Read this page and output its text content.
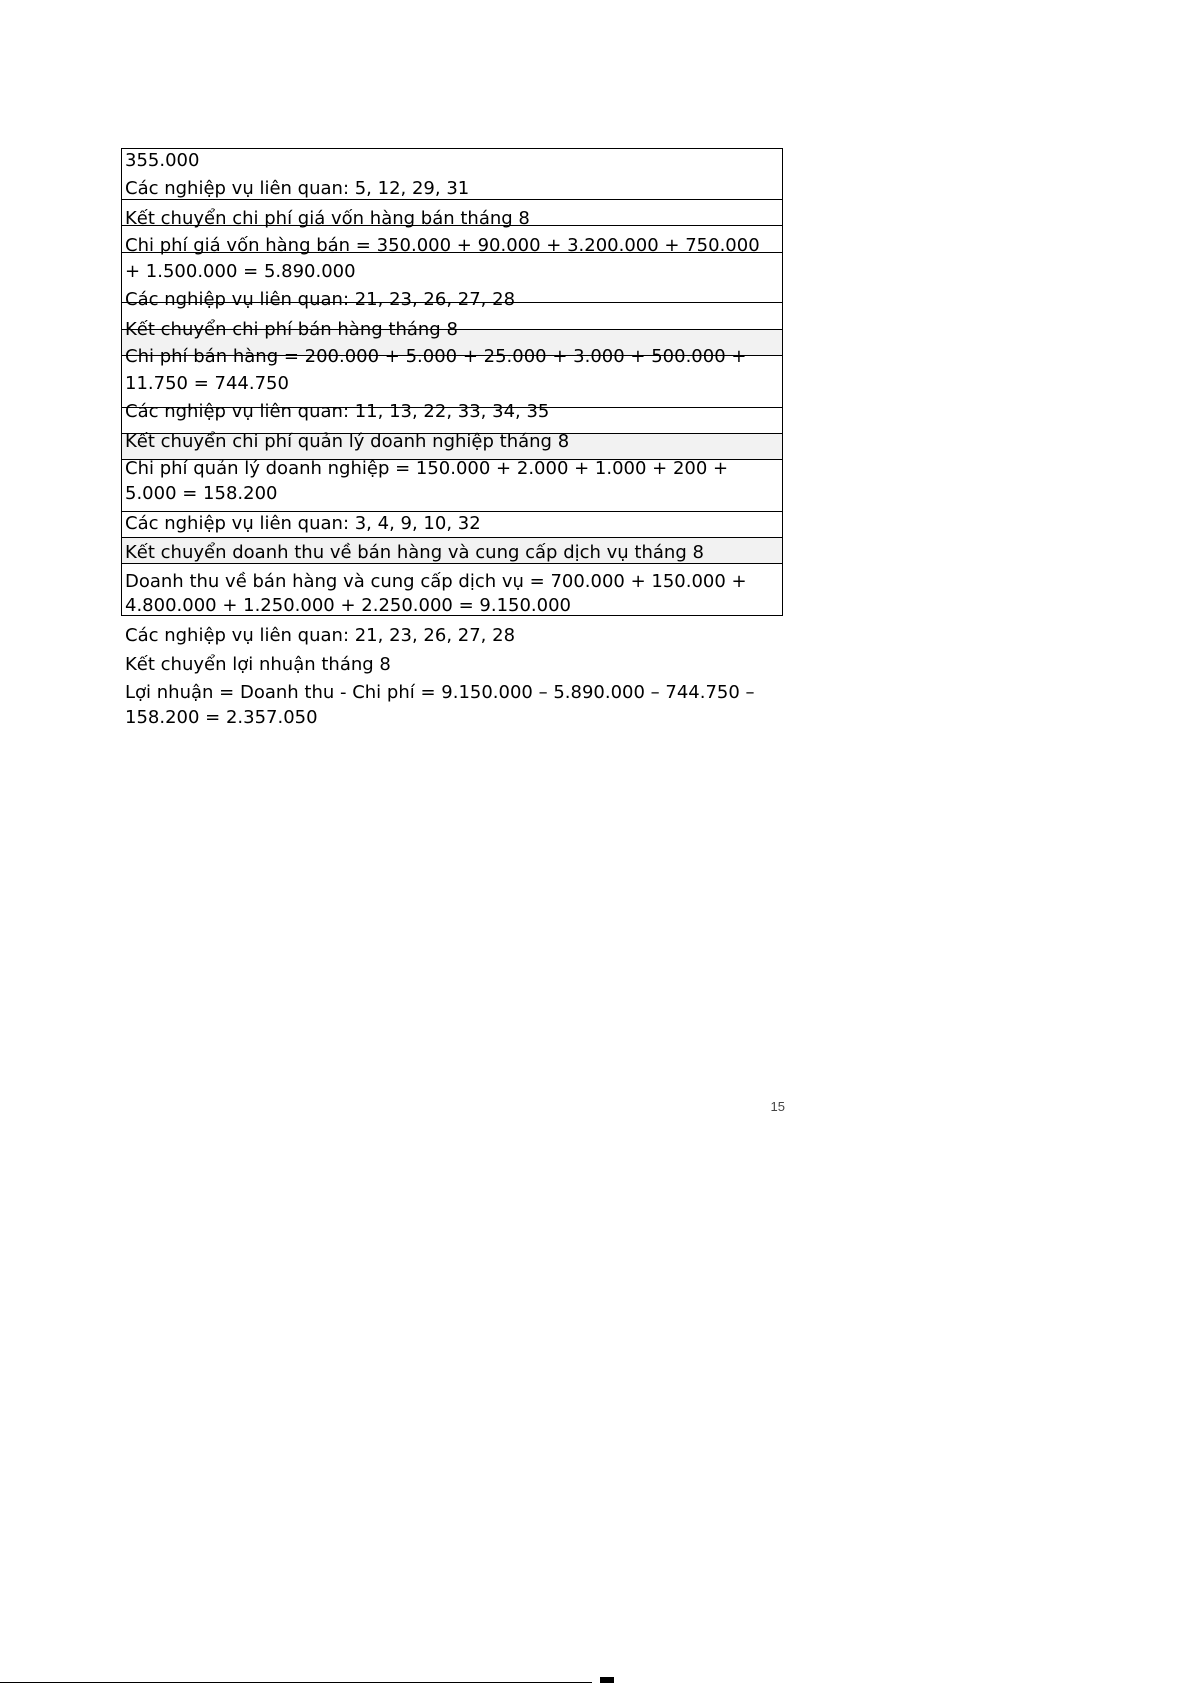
355.000
Các nghiệp vụ liên quan: 5, 12, 29, 31
Kết chuyển chi phí giá vốn hàng bán tháng 8
Chi phí giá vốn hàng bán = 350.000 + 90.000 + 3.200.000 + 750.000
+ 1.500.000 = 5.890.000
Các nghiệp vụ liên quan: 21, 23, 26, 27, 28
Kết chuyển chi phí bán hàng tháng 8
Chi phí bán hàng = 200.000 + 5.000 + 25.000 + 3.000 + 500.000 +
11.750 = 744.750
Các nghiệp vụ liên quan: 11, 13, 22, 33, 34, 35
Kết chuyển chi phí quản lý doanh nghiệp tháng 8
Chi phí quản lý doanh nghiệp = 150.000 + 2.000 + 1.000 + 200 +
5.000 = 158.200
Các nghiệp vụ liên quan: 3, 4, 9, 10, 32
Kết chuyển doanh thu về bán hàng và cung cấp dịch vụ tháng 8
Doanh thu về bán hàng và cung cấp dịch vụ = 700.000 + 150.000 +
4.800.000 + 1.250.000 + 2.250.000 = 9.150.000
Các nghiệp vụ liên quan: 21, 23, 26, 27, 28
Kết chuyển lợi nhuận tháng 8
Lợi nhuận = Doanh thu - Chi phí = 9.150.000 – 5.890.000 – 744.750 –
158.200 = 2.357.050
15
